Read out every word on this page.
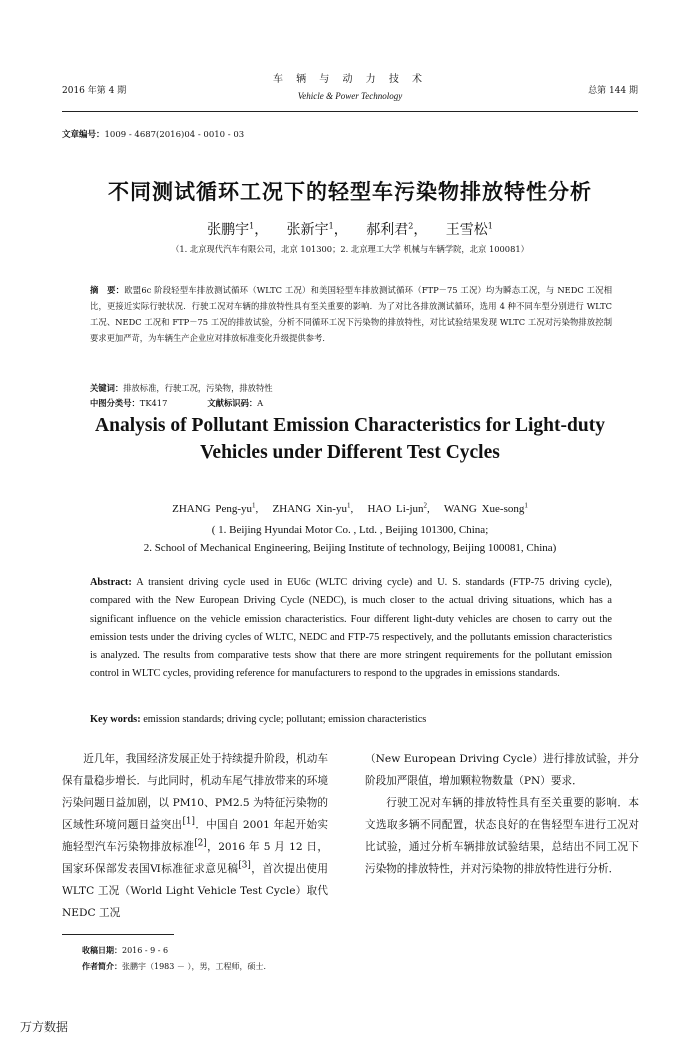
2016 年第 4 期
车 辆 与 动 力 技 术
Vehicle & Power Technology	总第 144 期
文章编号：1009 - 4687(2016)04 - 0010 - 03
不同测试循环工况下的轻型车污染物排放特性分析
张鹏宇$^1$， 张新宇$^1$， 郝利君$^2$， 王雪松$^1$
（1. 北京现代汽车有限公司，北京 101300；2. 北京理工大学 机械与车辆学院，北京 100081）
摘　要：欧盟6c 阶段轻型车排放测试循环（WLTC 工况）和美国轻型车排放测试循环（FTP－75 工况）均为瞬态工况，与 NEDC 工况相比，更接近实际行驶状况．行驶工况对车辆的排放特性具有至关重要的影响．为了对比各排放测试循环，选用 4 种不同车型分别进行 WLTC 工况、NEDC 工况和 FTP－75 工况的排放试验，分析不同循环工况下污染物的排放特性，对比试验结果发现 WLTC 工况对污染物排放控制要求更加严苛，为车辆生产企业应对排放标准变化升级提供参考．
关键词：排放标准，行驶工况，污染物，排放特性
中图分类号：TK417	文献标识码：A
Analysis of Pollutant Emission Characteristics for Light-duty
Vehicles under Different Test Cycles
ZHANG Peng-$yu^1$, ZHANG Xin-$yu^1$, HAO Li-jun$^2$, WANG Xue-song$^1$
( 1. Beijing Hyundai Motor Co. , Ltd. , Beijing 101300, China;
2. School of Mechanical Engineering, Beijing Institute of technology, Beijing 100081, China)
Abstract: A transient driving cycle used in EU6c (WLTC driving cycle) and U. S. standards (FTP-75 driving cycle), compared with the New European Driving Cycle (NEDC), is much closer to the actual driving situations, which has a significant influence on the vehicle emission characteristics. Four different light-duty vehicles are chosen to carry out the emission tests under the driving cycles of WLTC, NEDC and FTP-75 respectively, and the pollutants emission characteristics is analyzed. The results from comparative tests show that there are more stringent requirements for the pollutant emission control in WLTC cycles, providing reference for manufacturers to respond to the upgrades in emissions standards.
Key words: emission standards; driving cycle; pollutant; emission characteristics

近几年，我国经济发展正处于持续提升阶段，机动车保有量稳步增长．与此同时，机动车尾气排放带来的环境污染问题日益加剧，以 PM10、PM2.5 为特征污染物的区域性环境问题日益突出[1]．中国自 2001 年起开始实施轻型汽车污染物排放标准[2]，2016 年 5 月 12 日，国家环保部发表国Ⅵ标准征求意见稿[3]，首次提出使用 WLTC 工况（World Light Vehicle Test Cycle）取代 NEDC 工况

（New European Driving Cycle）进行排放试验，并分阶段加严限值，增加颗粒物数量（PN）要求．

行驶工况对车辆的排放特性具有至关重要的影响．本文选取多辆不同配置，状态良好的在售轻型车进行工况对比试验，通过分析车辆排放试验结果，总结出不同工况下污染物的排放特性，并对污染物的排放特性进行分析．

收稿日期：2016 - 9 - 6
作者简介：张鹏宇（1983 － ），男，工程师，硕士．
万方数据
